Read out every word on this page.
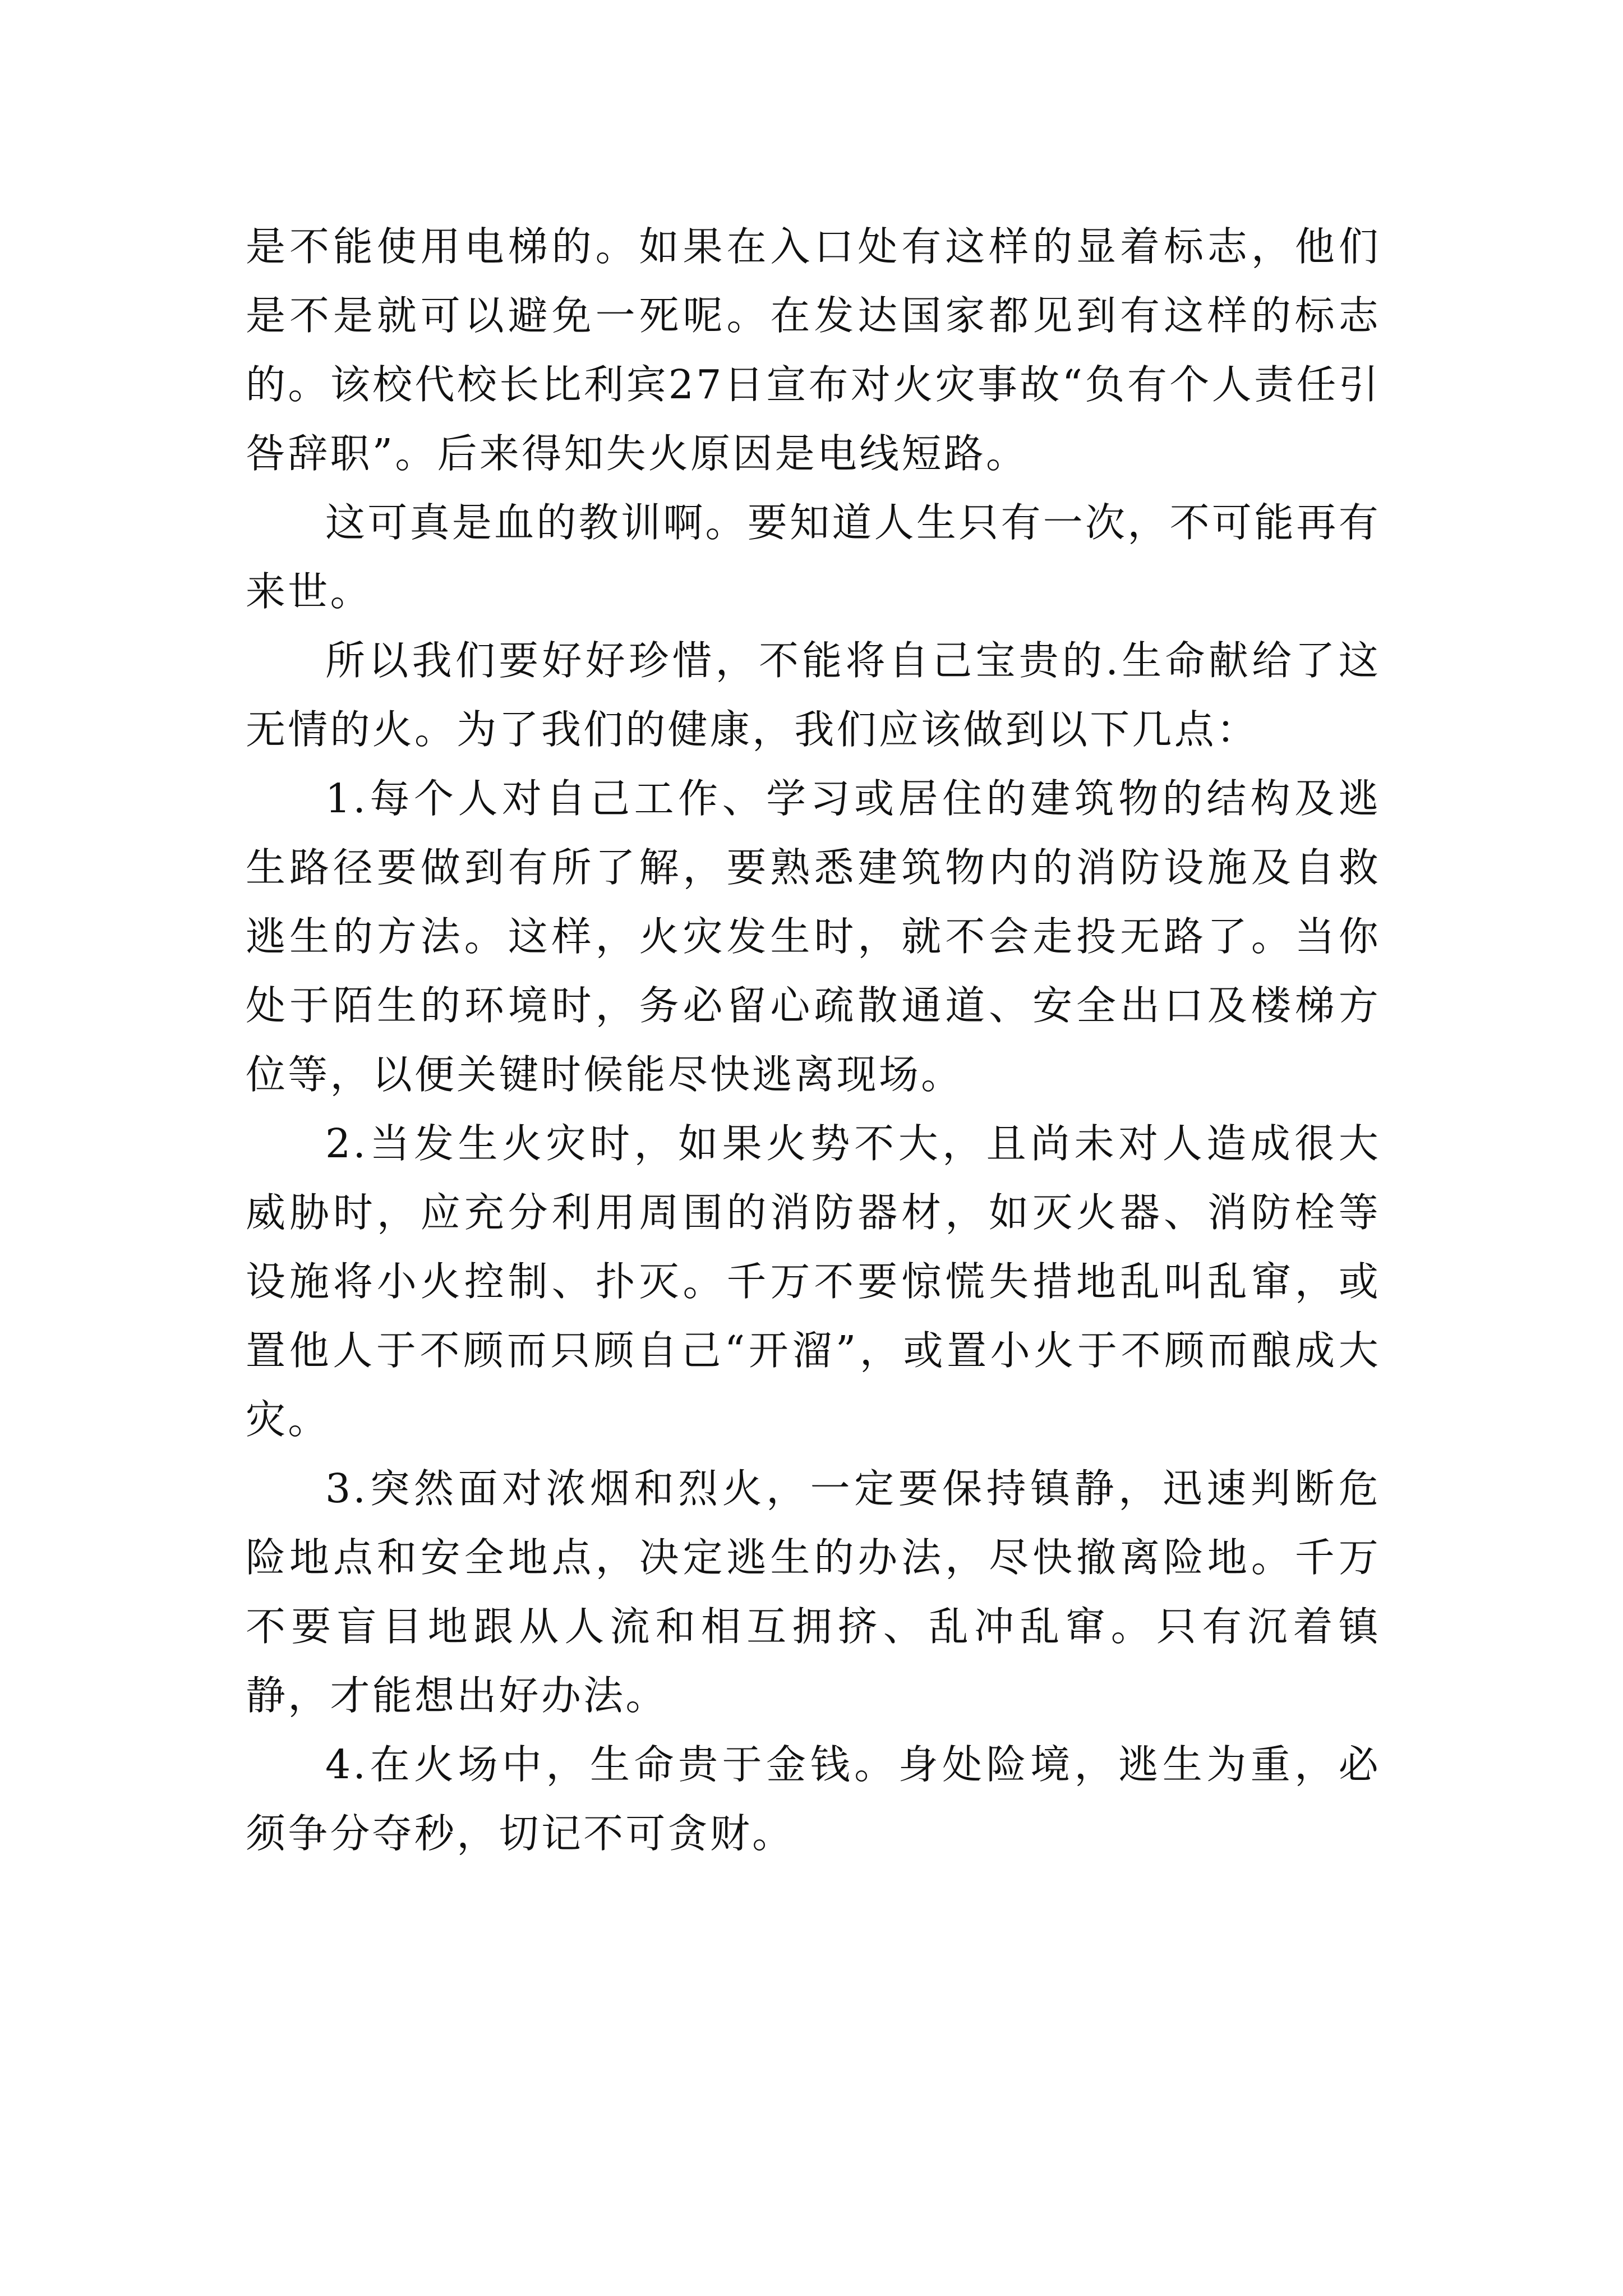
是不能使用电梯的。如果在入口处有这样的显着标志，他们是不是就可以避免一死呢。在发达国家都见到有这样的标志的。该校代校长比利宾27日宣布对火灾事故“负有个人责任引咎辞职”。后来得知失火原因是电线短路。

这可真是血的教训啊。要知道人生只有一次，不可能再有来世。

所以我们要好好珍惜，不能将自己宝贵的.生命献给了这无情的火。为了我们的健康，我们应该做到以下几点：

1.每个人对自己工作、学习或居住的建筑物的结构及逃生路径要做到有所了解，要熟悉建筑物内的消防设施及自救逃生的方法。这样，火灾发生时，就不会走投无路了。当你处于陌生的环境时，务必留心疏散通道、安全出口及楼梯方位等，以便关键时候能尽快逃离现场。

2.当发生火灾时，如果火势不大，且尚未对人造成很大威胁时，应充分利用周围的消防器材，如灭火器、消防栓等设施将小火控制、扑灭。千万不要惊慌失措地乱叫乱窜，或置他人于不顾而只顾自己“开溜”，或置小火于不顾而酿成大灾。

3.突然面对浓烟和烈火，一定要保持镇静，迅速判断危险地点和安全地点，决定逃生的办法，尽快撤离险地。千万不要盲目地跟从人流和相互拥挤、乱冲乱窜。只有沉着镇静，才能想出好办法。

4.在火场中，生命贵于金钱。身处险境，逃生为重，必须争分夺秒，切记不可贪财。
